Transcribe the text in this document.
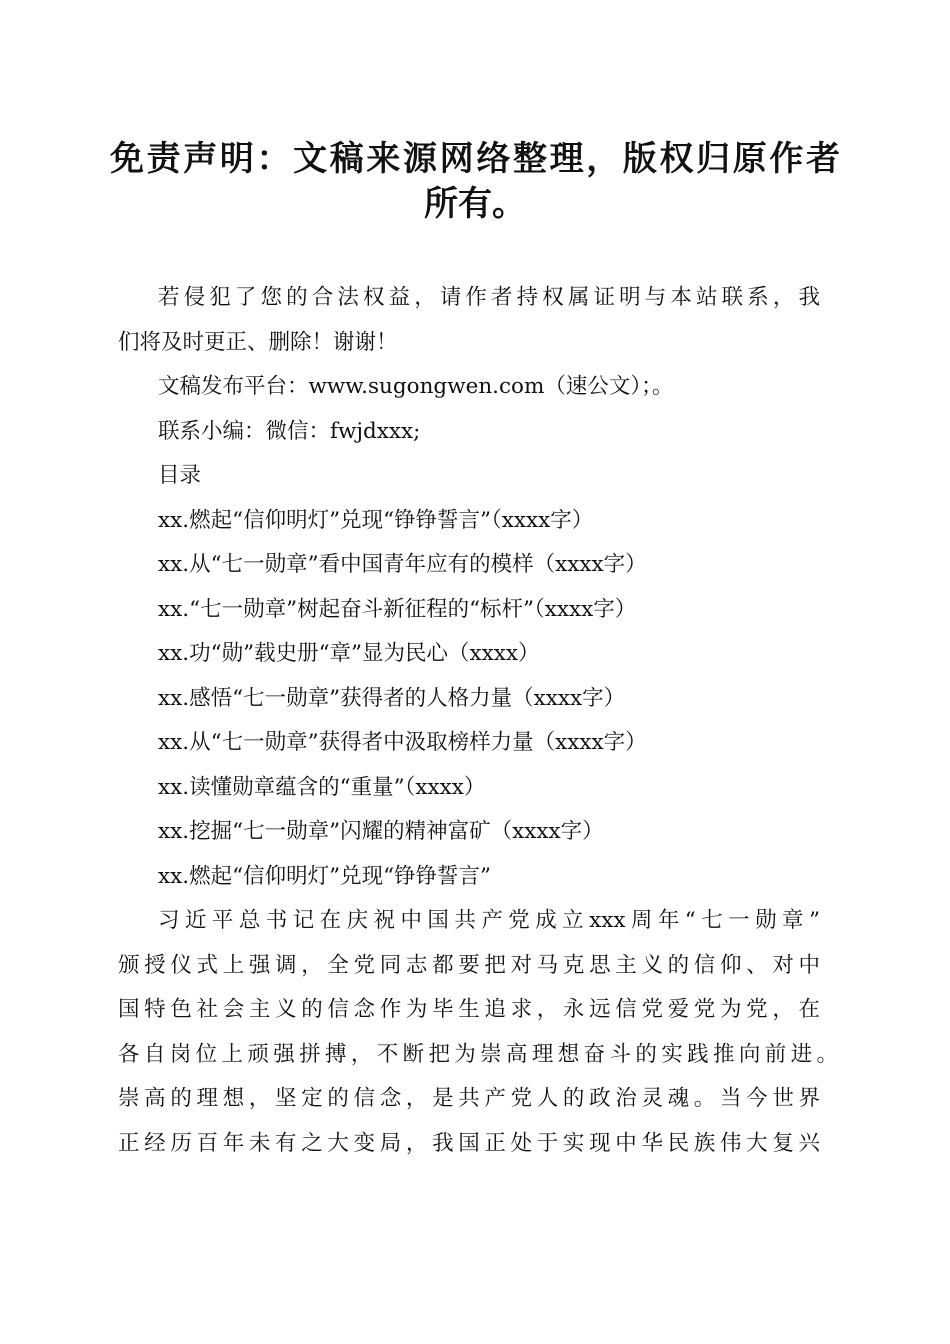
免责声明：文稿来源网络整理，版权归原作者
所有。
若侵犯了您的合法权益，请作者持权属证明与本站联系，我
们将及时更正、删除！谢谢！
文稿发布平台：www.sugongwen.com（速公文）；。
联系小编：微信：fwjdxxx;
目录
xx.燃起“信仰明灯”兑现“铮铮誓言”（xxxx字）
xx.从“七一勋章”看中国青年应有的模样（xxxx字）
xx.“七一勋章”树起奋斗新征程的“标杆”（xxxx字）
xx.功“勋”载史册“章”显为民心（xxxx）
xx.感悟“七一勋章”获得者的人格力量（xxxx字）
xx.从“七一勋章”获得者中汲取榜样力量（xxxx字）
xx.读懂勋章蕴含的“重量”（xxxx）
xx.挖掘“七一勋章”闪耀的精神富矿（xxxx字）
xx.燃起“信仰明灯”兑现“铮铮誓言”
习近平总书记在庆祝中国共产党成立xxx周年“七一勋章”
颁授仪式上强调，全党同志都要把对马克思主义的信仰、对中
国特色社会主义的信念作为毕生追求，永远信党爱党为党，在
各自岗位上顽强拼搏，不断把为崇高理想奋斗的实践推向前进。
崇高的理想，坚定的信念，是共产党人的政治灵魂。当今世界
正经历百年未有之大变局，我国正处于实现中华民族伟大复兴
